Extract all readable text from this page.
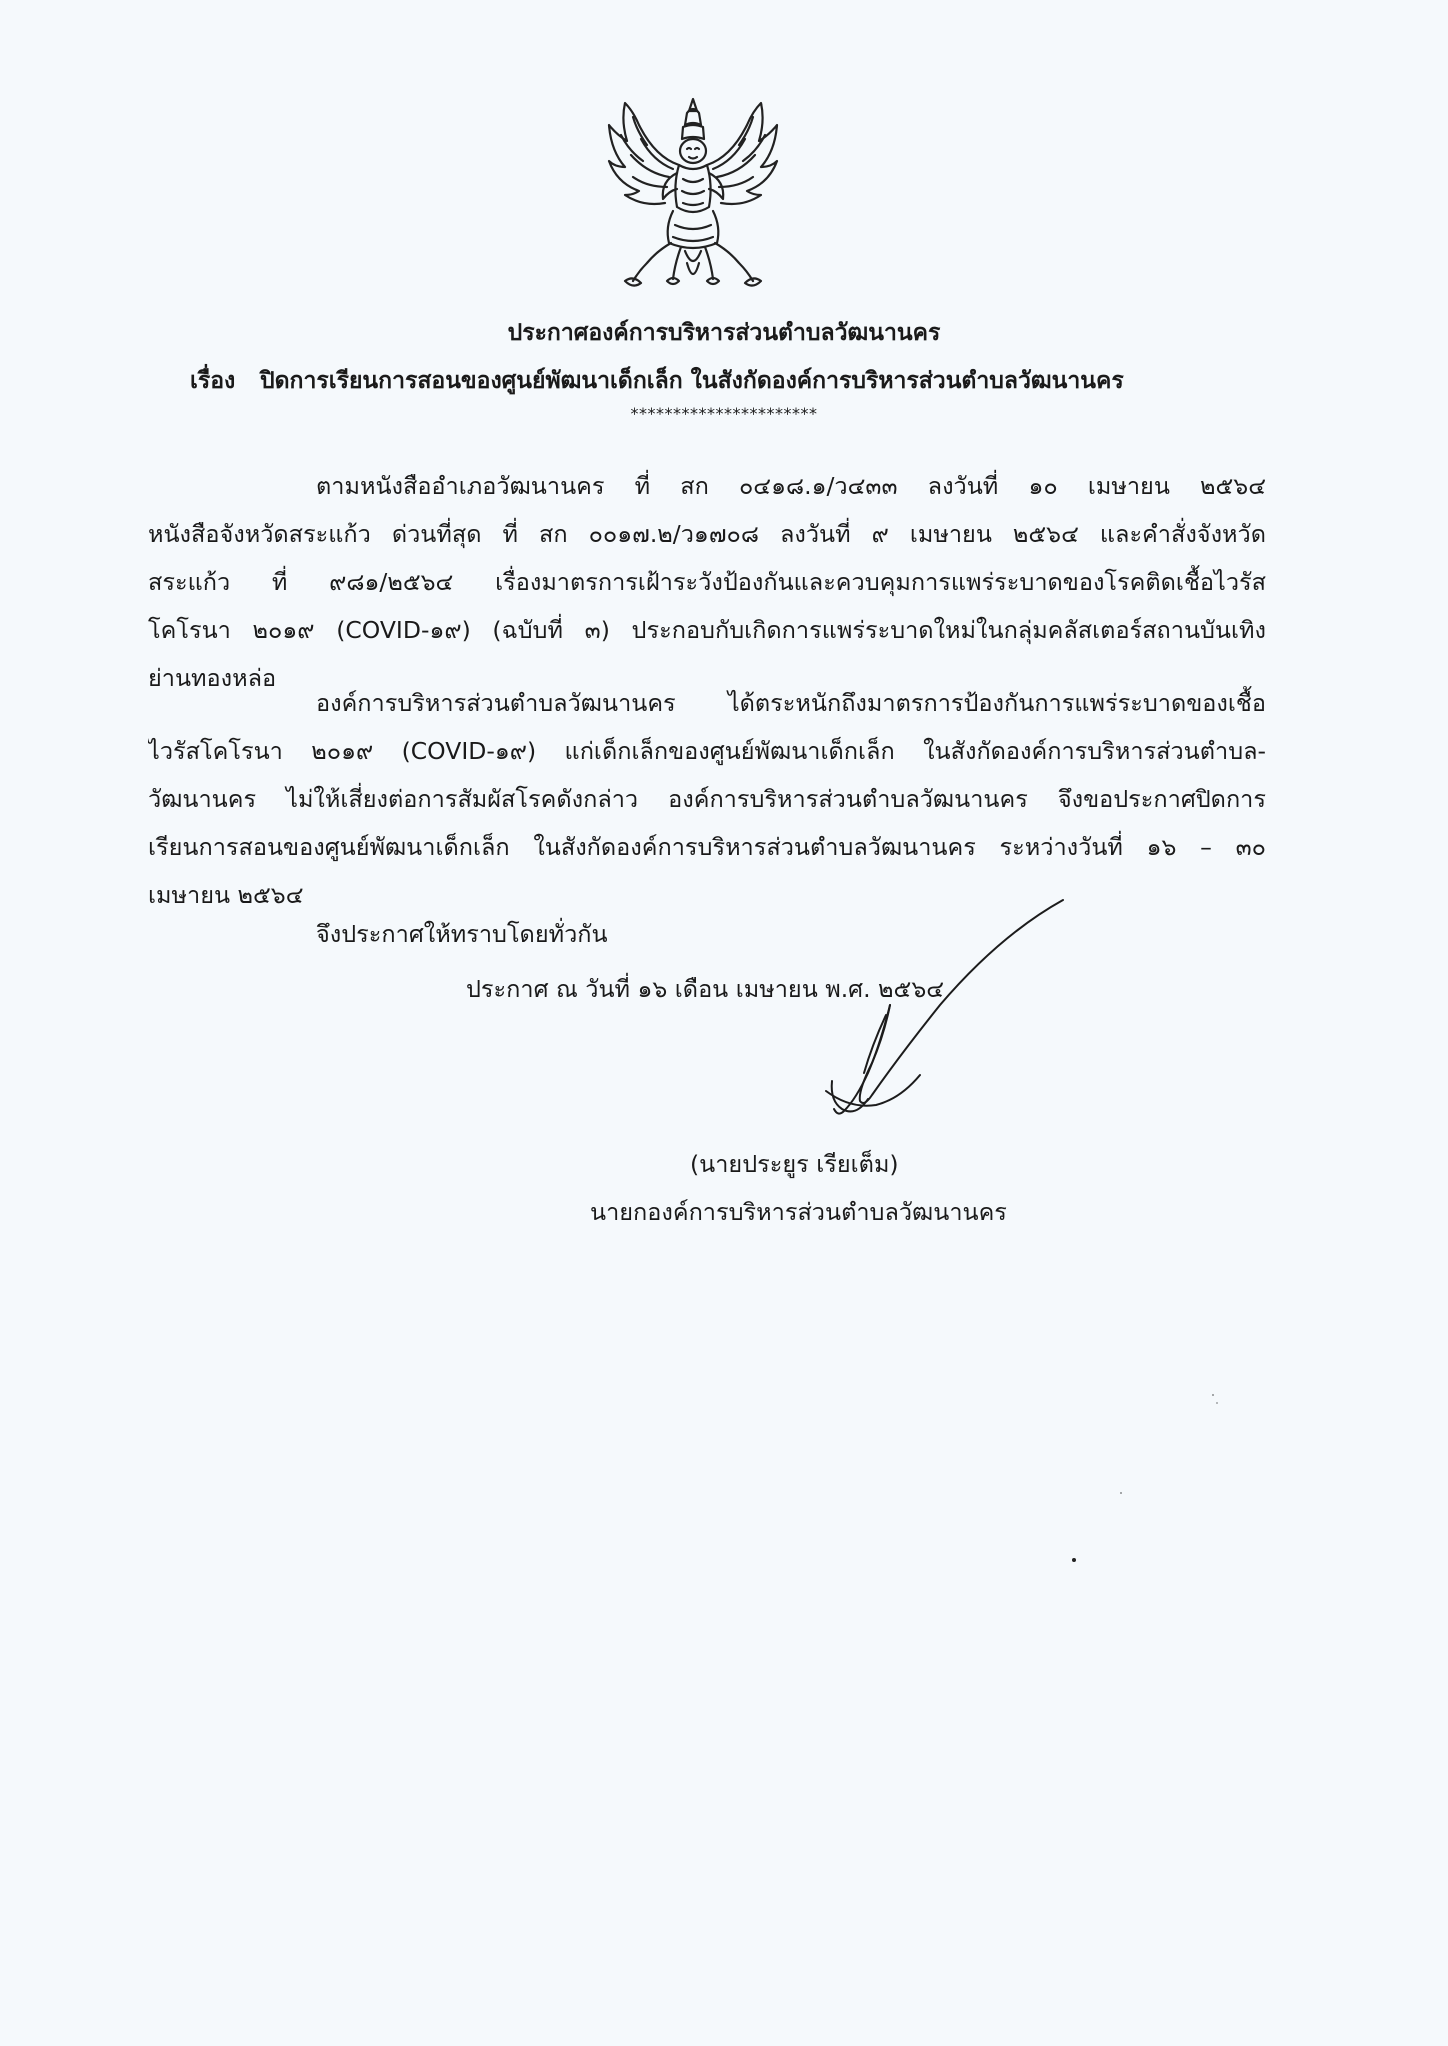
ประกาศองค์การบริหารส่วนตำบลวัฒนานคร
เรื่อง ปิดการเรียนการสอนของศูนย์พัฒนาเด็กเล็ก ในสังกัดองค์การบริหารส่วนตำบลวัฒนานคร
**********************
ตามหนังสืออำเภอวัฒนานคร ที่ สก ๐๔๑๘.๑/ว๔๓๓ ลงวันที่ ๑๐ เมษายน ๒๕๖๔
หนังสือจังหวัดสระแก้ว ด่วนที่สุด ที่ สก ๐๐๑๗.๒/ว๑๗๐๘ ลงวันที่ ๙ เมษายน ๒๕๖๔ และคำสั่งจังหวัด
สระแก้ว ที่ ๙๘๑/๒๕๖๔ เรื่องมาตรการเฝ้าระวังป้องกันและควบคุมการแพร่ระบาดของโรคติดเชื้อไวรัส
โคโรนา ๒๐๑๙ (COVID-๑๙) (ฉบับที่ ๓) ประกอบกับเกิดการแพร่ระบาดใหม่ในกลุ่มคลัสเตอร์สถานบันเทิง
ย่านทองหล่อ
องค์การบริหารส่วนตำบลวัฒนานคร ได้ตระหนักถึงมาตรการป้องกันการแพร่ระบาดของเชื้อ
ไวรัสโคโรนา ๒๐๑๙ (COVID-๑๙) แก่เด็กเล็กของศูนย์พัฒนาเด็กเล็ก ในสังกัดองค์การบริหารส่วนตำบล-
วัฒนานคร ไม่ให้เสี่ยงต่อการสัมผัสโรคดังกล่าว องค์การบริหารส่วนตำบลวัฒนานคร จึงขอประกาศปิดการ
เรียนการสอนของศูนย์พัฒนาเด็กเล็ก ในสังกัดองค์การบริหารส่วนตำบลวัฒนานคร ระหว่างวันที่ ๑๖ – ๓๐
เมษายน ๒๕๖๔
จึงประกาศให้ทราบโดยทั่วกัน
ประกาศ ณ วันที่ ๑๖ เดือน เมษายน พ.ศ. ๒๕๖๔
(นายประยูร เรียเต็ม)
นายกองค์การบริหารส่วนตำบลวัฒนานคร
